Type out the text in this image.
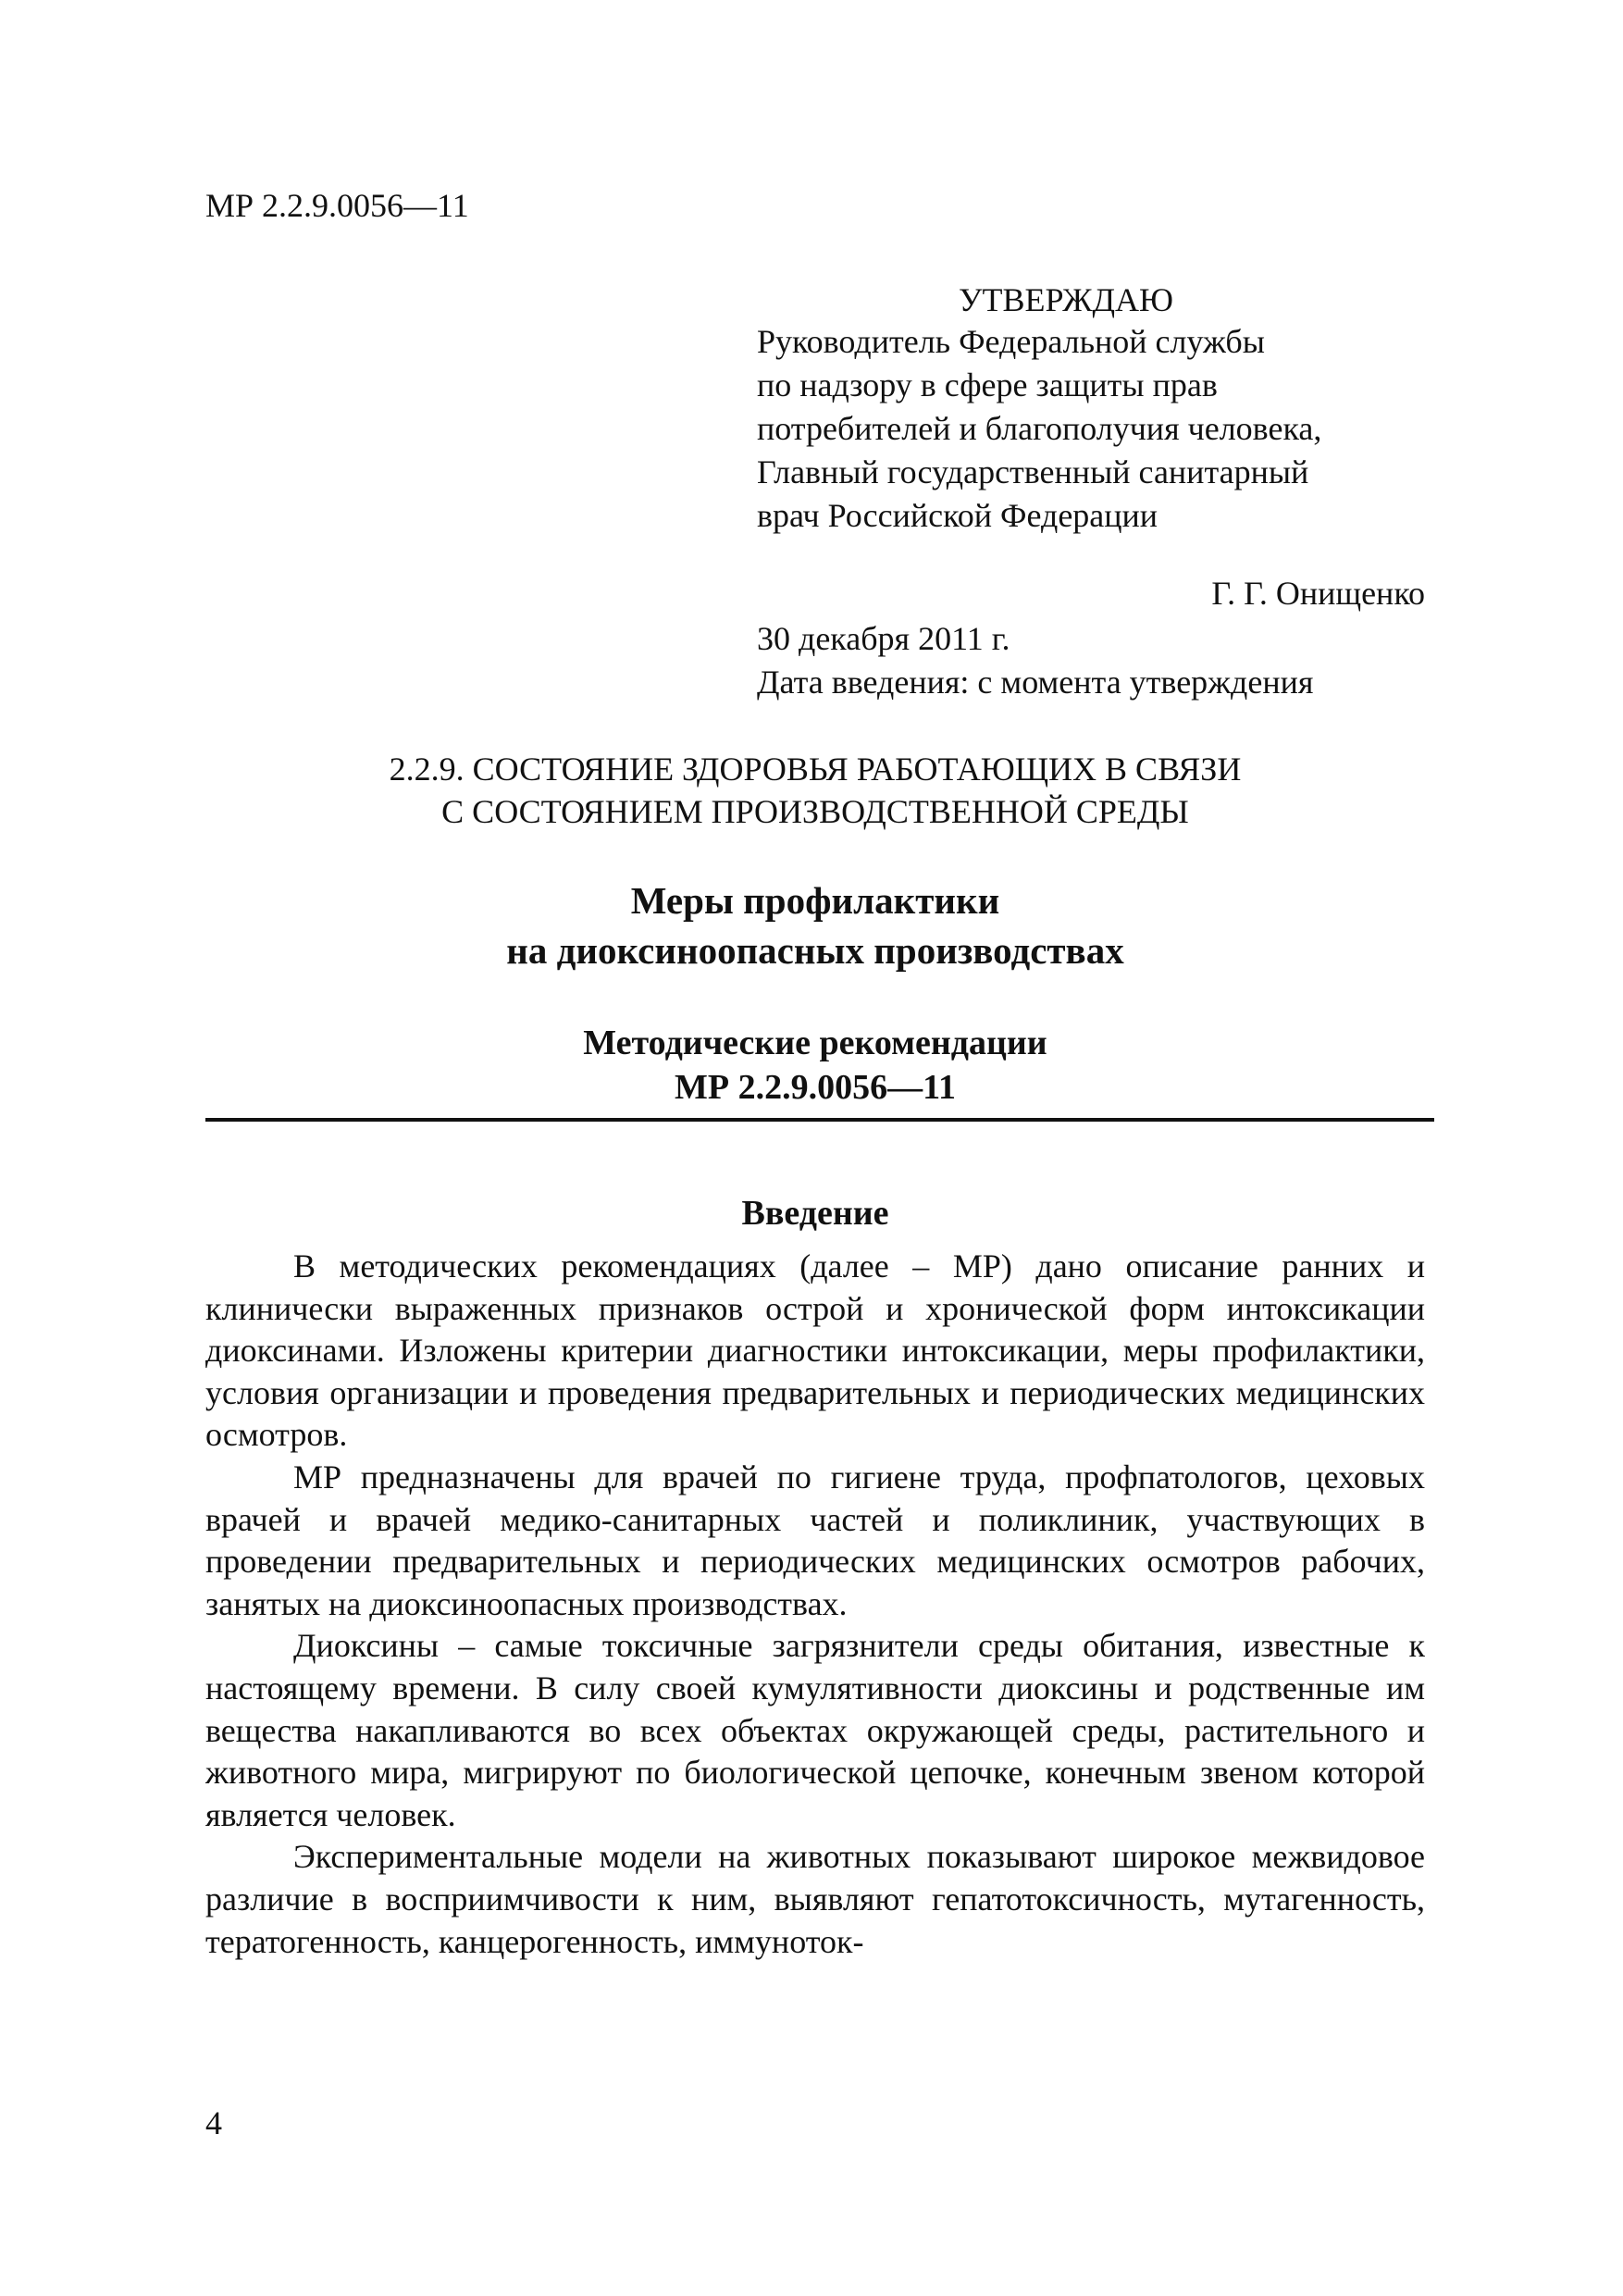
МР 2.2.9.0056—11
УТВЕРЖДАЮ
Руководитель Федеральной службы
по надзору в сфере защиты прав
потребителей и благополучия человека,
Главный государственный санитарный
врач Российской Федерации
Г. Г. Онищенко
30 декабря 2011 г.
Дата введения: с момента утверждения
2.2.9. СОСТОЯНИЕ ЗДОРОВЬЯ РАБОТАЮЩИХ В СВЯЗИ
С СОСТОЯНИЕМ ПРОИЗВОДСТВЕННОЙ СРЕДЫ
Меры профилактики
на диоксиноопасных производствах
Методические рекомендации
МР 2.2.9.0056—11
Введение

В методических рекомендациях (далее – МР) дано описание ранних и клинически выраженных признаков острой и хронической форм интоксикации диоксинами. Изложены критерии диагностики интоксикации, меры профилактики, условия организации и проведения предварительных и периодических медицинских осмотров.

МР предназначены для врачей по гигиене труда, профпатологов, цеховых врачей и врачей медико-санитарных частей и поликлиник, участвующих в проведении предварительных и периодических медицинских осмотров рабочих, занятых на диоксиноопасных производствах.

Диоксины – самые токсичные загрязнители среды обитания, известные к настоящему времени. В силу своей кумулятивности диоксины и родственные им вещества накапливаются во всех объектах окружающей среды, растительного и животного мира, мигрируют по биологической цепочке, конечным звеном которой является человек.

Экспериментальные модели на животных показывают широкое межвидовое различие в восприимчивости к ним, выявляют гепатотоксичность, мутагенность, тератогенность, канцерогенность, иммуноток-

4
